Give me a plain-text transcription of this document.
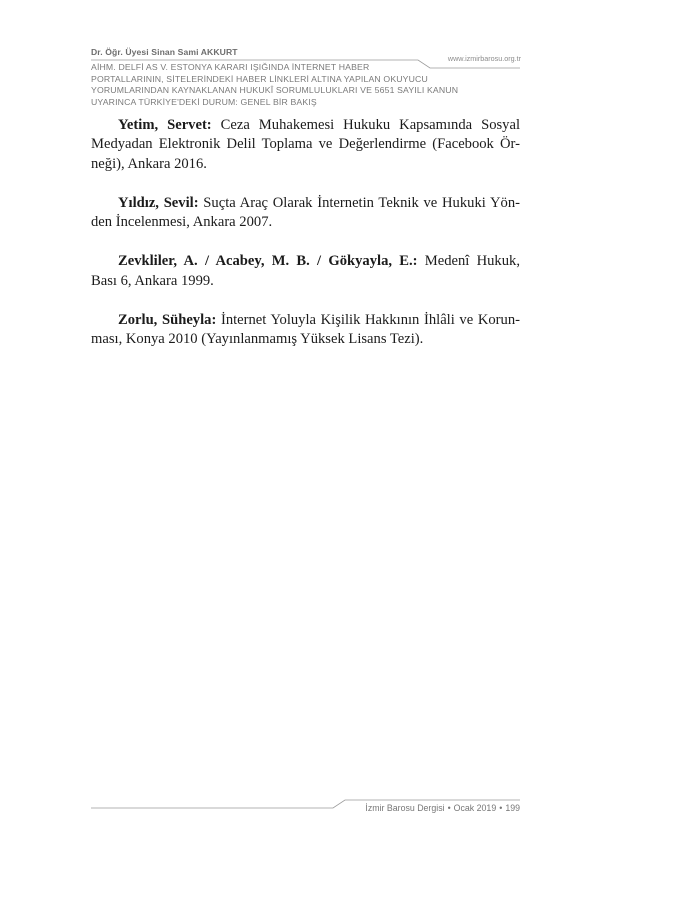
Dr. Öğr. Üyesi Sinan Sami AKKURT
www.izmirbarosu.org.tr
AİHM. DELFİ AS V. ESTONYA KARARI IŞIĞINDA İNTERNET HABER
PORTALLARININ, SİTELERİNDEKİ HABER LİNKLERİ ALTINA YAPILAN OKUYUCU
YORUMLARINDAN KAYNAKLANAN HUKUKÎ SORUMLULUKLARI VE 5651 SAYILI KANUN
UYARINCA TÜRKİYE'DEKİ DURUM: GENEL BİR BAKIŞ
Yetim, Servet: Ceza Muhakemesi Hukuku Kapsamında Sosyal
Medyadan Elektronik Delil Toplama ve Değerlendirme (Facebook Ör-
neği), Ankara 2016.
Yıldız, Sevil: Suçta Araç Olarak İnternetin Teknik ve Hukuki Yön-
den İncelenmesi, Ankara 2007.
Zevkliler, A. / Acabey, M. B. / Gökyayla, E.: Medenî Hukuk,
Bası 6, Ankara 1999.
Zorlu, Süheyla: İnternet Yoluyla Kişilik Hakkının İhlâli ve Korun-
ması, Konya 2010 (Yayınlanmamış Yüksek Lisans Tezi).
İzmir Barosu Dergisi • Ocak 2019 • 199
